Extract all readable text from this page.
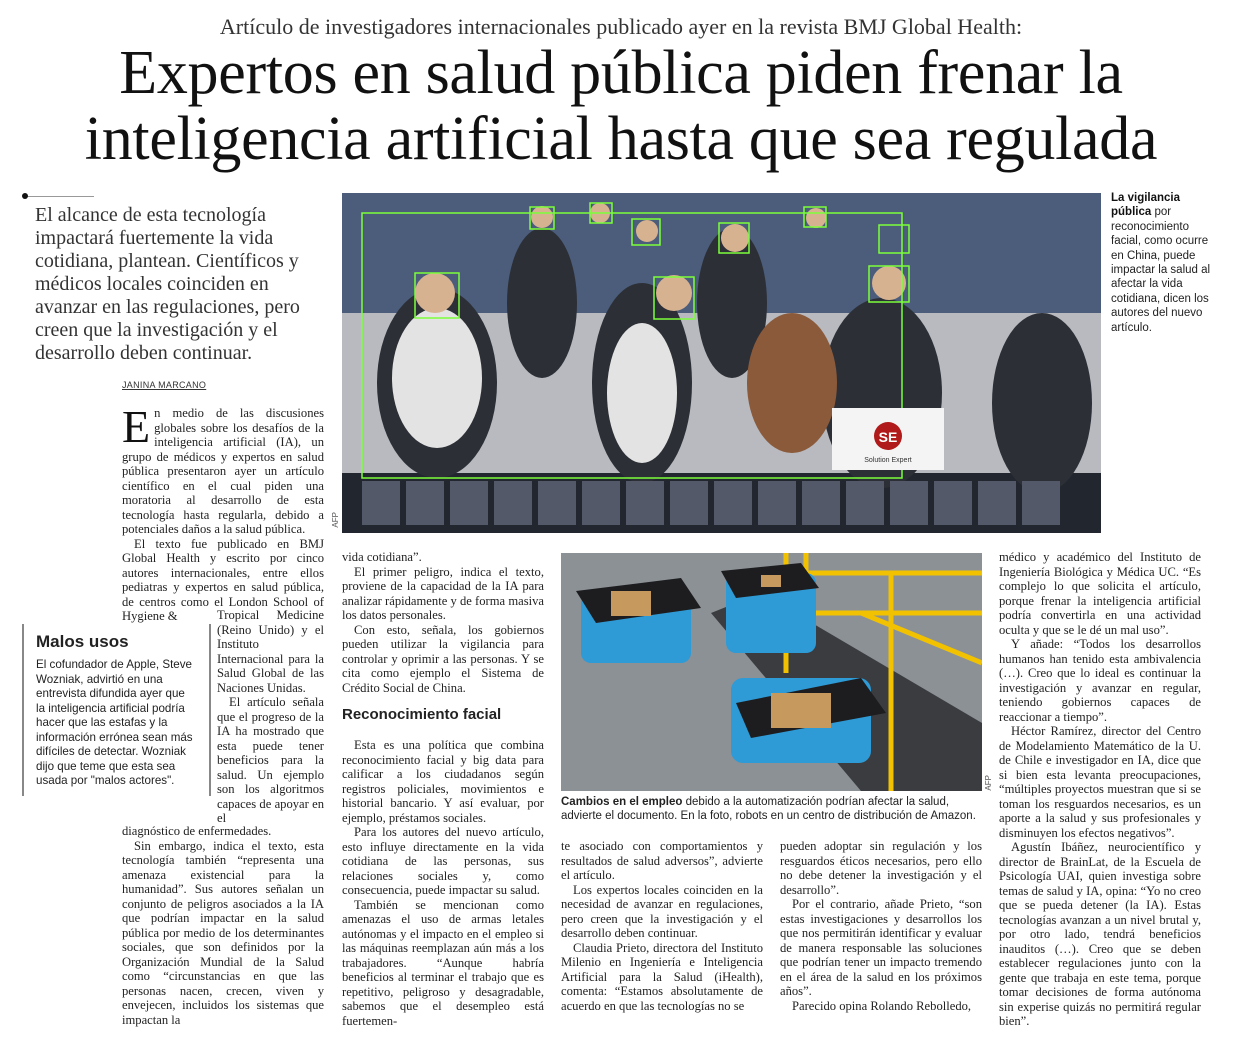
Artículo de investigadores internacionales publicado ayer en la revista BMJ Global Health:
Expertos en salud pública piden frenar la
inteligencia artificial hasta que sea regulada
El alcance de esta tecnología impactará fuertemente la vida cotidiana, plantean. Científicos y médicos locales coinciden en avanzar en las regulaciones, pero creen que la investigación y el desarrollo deben continuar.
JANINA MARCANO
SE
Solution Expert
AFP
La vigilancia pública por reconocimiento facial, como ocurre en China, puede impactar la salud al afectar la vida cotidiana, dicen los autores del nuevo artículo.
AFP
Cambios en el empleo debido a la automatización podrían afectar la salud, advierte el documento. En la foto, robots en un centro de distribución de Amazon.

En medio de las discusiones globales sobre los desafíos de la inteligencia artificial (IA), un grupo de médicos y expertos en salud pública presentaron ayer un artículo científico en el cual piden una moratoria al desarrollo de esta tecnología hasta regularla, debido a potenciales daños a la salud pública.

El texto fue publicado en BMJ Global Health y escrito por cinco autores internacionales, entre ellos pediatras y expertos en salud pública, de centros como el London School of Hygiene &	Tropical Medicine (Reino Unido) y el Instituto Internacional para la Salud Global de las Naciones Unidas.

El artículo señala que el progreso de la IA ha mostrado que esta puede tener beneficios para la salud. Un ejemplo son los algoritmos capaces de apoyar en el

diagnóstico de enfermedades.

Sin embargo, indica el texto, esta tecnología también “representa una amenaza existencial para la humanidad”. Sus autores señalan un conjunto de peligros asociados a la IA que podrían impactar en la salud pública por medio de los determinantes sociales, que son definidos por la Organización Mundial de la Salud como “circunstancias en que las personas nacen, crecen, viven y envejecen, incluidos los sistemas que impactan la

Malos usos
El cofundador de Apple, Steve Wozniak, advirtió en una entrevista difundida ayer que la inteligencia artificial podría hacer que las estafas y la información errónea sean más difíciles de detectar. Wozniak dijo que teme que esta sea usada por "malos actores".

vida cotidiana”.

El primer peligro, indica el texto, proviene de la capacidad de la IA para analizar rápidamente y de forma masiva los datos personales.

Con esto, señala, los gobiernos pueden utilizar la vigilancia para controlar y oprimir a las personas. Y se cita como ejemplo el Sistema de Crédito Social de China.

Reconocimiento facial

Esta es una política que combina reconocimiento facial y big data para calificar a los ciudadanos según registros policiales, movimientos e historial bancario. Y así evaluar, por ejemplo, préstamos sociales.

Para los autores del nuevo artículo, esto influye directamente en la vida cotidiana de las personas, sus relaciones sociales y, como consecuencia, puede impactar su salud.

También se mencionan como amenazas el uso de armas letales autónomas y el impacto en el empleo si las máquinas reemplazan aún más a los trabajadores. “Aunque habría beneficios al terminar el trabajo que es repetitivo, peligroso y desagradable, sabemos que el desempleo está fuertemen-

te asociado con comportamientos y resultados de salud adversos”, advierte el artículo.

Los expertos locales coinciden en la necesidad de avanzar en regulaciones, pero creen que la investigación y el desarrollo deben continuar.

Claudia Prieto, directora del Instituto Milenio en Ingeniería e Inteligencia Artificial para la Salud (iHealth), comenta: “Estamos absolutamente de acuerdo en que las tecnologías no se

pueden adoptar sin regulación y los resguardos éticos necesarios, pero ello no debe detener la investigación y el desarrollo”.

Por el contrario, añade Prieto, “son estas investigaciones y desarrollos los que nos permitirán identificar y evaluar de manera responsable las soluciones que podrían tener un impacto tremendo en el área de la salud en los próximos años”.

Parecido opina Rolando Rebolledo,

médico y académico del Instituto de Ingeniería Biológica y Médica UC. “Es complejo lo que solicita el artículo, porque frenar la inteligencia artificial podría convertirla en una actividad oculta y que se le dé un mal uso”.

Y añade: “Todos los desarrollos humanos han tenido esta ambivalencia (…). Creo que lo ideal es continuar la investigación y avanzar en regular, teniendo gobiernos capaces de reaccionar a tiempo”.

Héctor Ramírez, director del Centro de Modelamiento Matemático de la U. de Chile e investigador en IA, dice que si bien esta levanta preocupaciones, “múltiples proyectos muestran que si se toman los resguardos necesarios, es un aporte a la salud y sus profesionales y disminuyen los efectos negativos”.

Agustín Ibáñez, neurocientífico y director de BrainLat, de la Escuela de Psicología UAI, quien investiga sobre temas de salud y IA, opina: “Yo no creo que se pueda detener (la IA). Estas tecnologías avanzan a un nivel brutal y, por otro lado, tendrá beneficios inauditos (…). Creo que se deben establecer regulaciones junto con la gente que trabaja en este tema, porque tomar decisiones de forma autónoma sin experise quizás no permitirá regular bien”.
